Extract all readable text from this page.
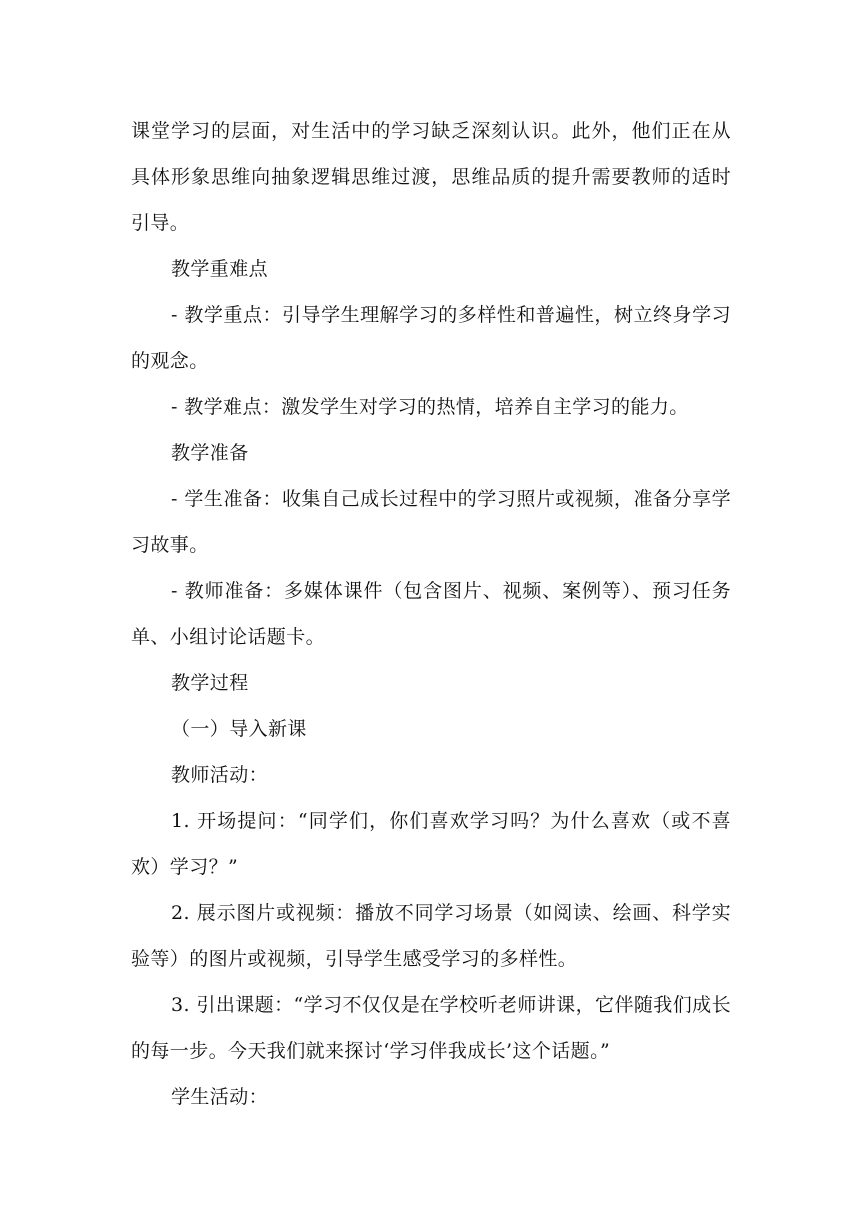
课堂学习的层面，对生活中的学习缺乏深刻认识。此外，他们正在从具体形象思维向抽象逻辑思维过渡，思维品质的提升需要教师的适时引导。

教学重难点

- 教学重点：引导学生理解学习的多样性和普遍性，树立终身学习的观念。

- 教学难点：激发学生对学习的热情，培养自主学习的能力。

教学准备

- 学生准备：收集自己成长过程中的学习照片或视频，准备分享学习故事。

- 教师准备：多媒体课件（包含图片、视频、案例等）、预习任务单、小组讨论话题卡。

教学过程

（一）导入新课

教师活动：

1. 开场提问：“同学们，你们喜欢学习吗？为什么喜欢（或不喜欢）学习？”

2. 展示图片或视频：播放不同学习场景（如阅读、绘画、科学实验等）的图片或视频，引导学生感受学习的多样性。

3. 引出课题：“学习不仅仅是在学校听老师讲课，它伴随我们成长的每一步。今天我们就来探讨‘学习伴我成长’这个话题。”

学生活动：
